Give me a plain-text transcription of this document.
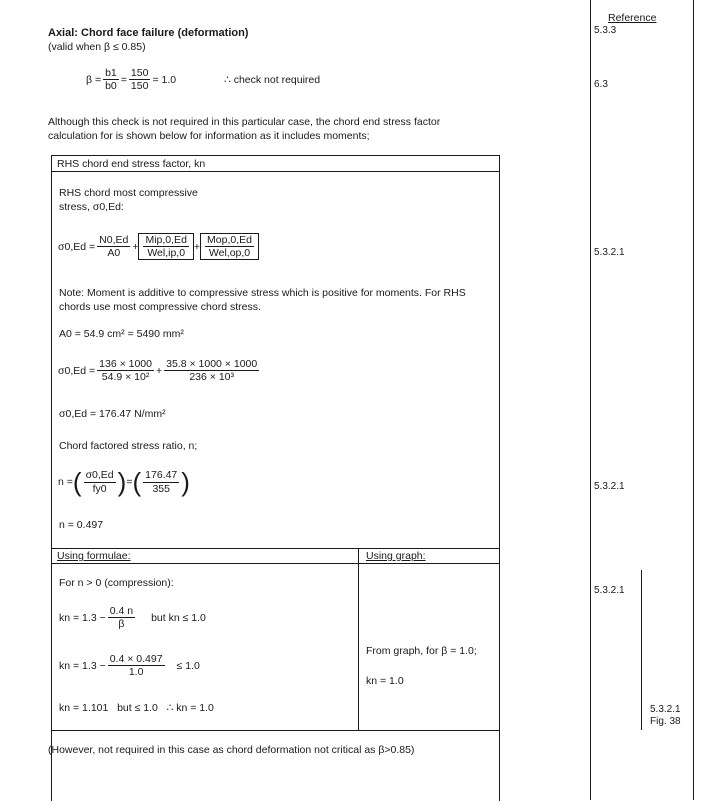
Reference
5.3.3
6.3
5.3.2.1
5.3.2.1
5.3.2.1
5.3.2.1
Fig. 38
Axial: Chord face failure (deformation)
(valid when β ≤ 0.85)
$\beta = \frac{b1}{b0} = \frac{150}{150} = 1.0$	∴ check not required
Although this check is not required in this particular case, the chord end stress factor calculation for is shown below for information as it includes moments;
RHS chord end stress factor, kn
RHS chord most compressive stress, σ0,Ed:
$\sigma 0,Ed = \frac{N0,Ed}{A0} + \frac{\text{Mip,0,Ed}}{\text{Wel,ip,0}} + \frac{\text{Mop,0,Ed}}{\text{Wel,op,0}}$
Note: Moment is additive to compressive stress which is positive for moments. For RHS chords use most compressive chord stress.
A0 = 54.9 cm² = 5490 mm²
$\sigma 0,Ed = \frac{136 \times 1000}{\text{54.9 × 10²}} + \frac{35.8 \times 1000 \times 1000}{\text{236 × 10³}}$
σ0,Ed = 176.47 N/mm²
Chord factored stress ratio, n;
n = ( $\frac{\sigma 0,Ed}{fy0}$ ) = ( $\frac{176.47}{355}$ )
n = 0.497
Using formulae:	Using graph:
For n > 0 (compression):
kn = $1.3 - \frac{0.4 n}{\beta}$ but kn ≤ 1.0
kn = $1.3 - \frac{0.4 \times 0.497}{1.0} \le 1.0$
kn = 1.101   but ≤ 1.0   ∴ kn = 1.0
From graph, for β = 1.0;
kn = 1.0
(However, not required in this case as chord deformation not critical as β>0.85)
